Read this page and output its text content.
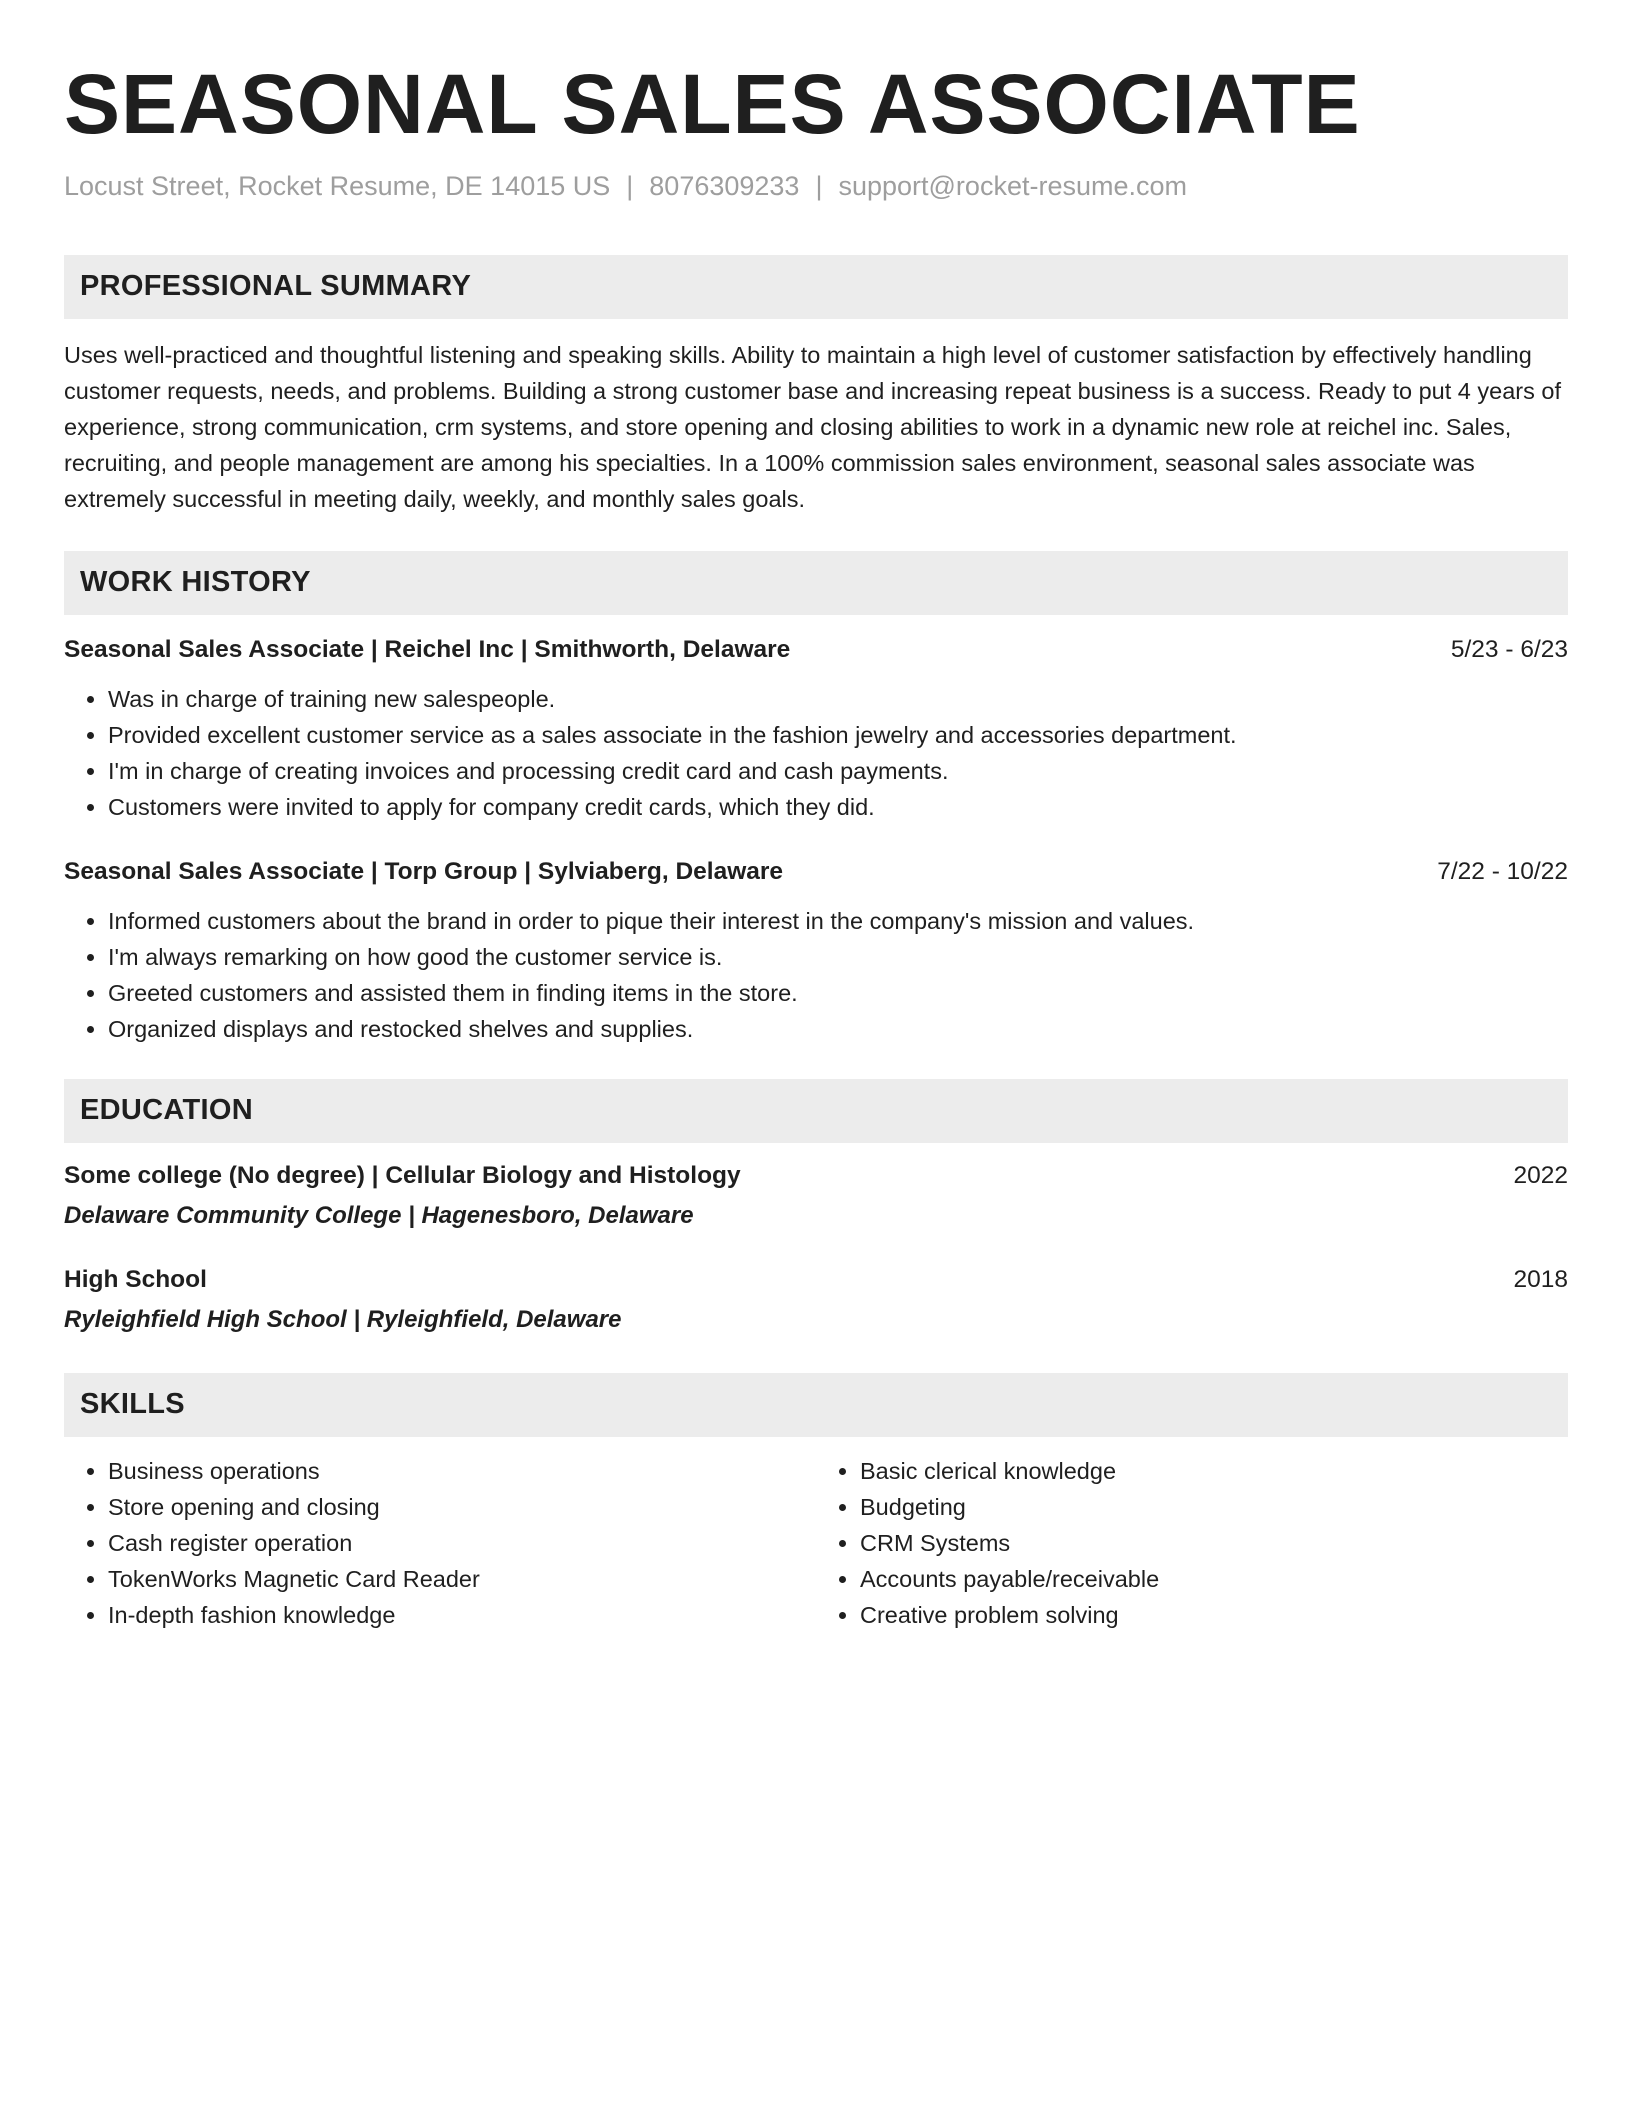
SEASONAL SALES ASSOCIATE
Locust Street, Rocket Resume, DE 14015 US | 8076309233 | support@rocket-resume.com
PROFESSIONAL SUMMARY
Uses well-practiced and thoughtful listening and speaking skills. Ability to maintain a high level of customer satisfaction by effectively handling customer requests, needs, and problems. Building a strong customer base and increasing repeat business is a success. Ready to put 4 years of experience, strong communication, crm systems, and store opening and closing abilities to work in a dynamic new role at reichel inc. Sales, recruiting, and people management are among his specialties. In a 100% commission sales environment, seasonal sales associate was extremely successful in meeting daily, weekly, and monthly sales goals.
WORK HISTORY
Seasonal Sales Associate | Reichel Inc | Smithworth, Delaware	5/23 - 6/23
• Was in charge of training new salespeople.
• Provided excellent customer service as a sales associate in the fashion jewelry and accessories department.
• I'm in charge of creating invoices and processing credit card and cash payments.
• Customers were invited to apply for company credit cards, which they did.
Seasonal Sales Associate | Torp Group | Sylviaberg, Delaware	7/22 - 10/22
• Informed customers about the brand in order to pique their interest in the company's mission and values.
• I'm always remarking on how good the customer service is.
• Greeted customers and assisted them in finding items in the store.
• Organized displays and restocked shelves and supplies.
EDUCATION
Some college (No degree) | Cellular Biology and Histology	2022
Delaware Community College | Hagenesboro, Delaware
High School	2018
Ryleighfield High School | Ryleighfield, Delaware
SKILLS
• Business operations
• Store opening and closing
• Cash register operation
• TokenWorks Magnetic Card Reader
• In-depth fashion knowledge
• Basic clerical knowledge
• Budgeting
• CRM Systems
• Accounts payable/receivable
• Creative problem solving
